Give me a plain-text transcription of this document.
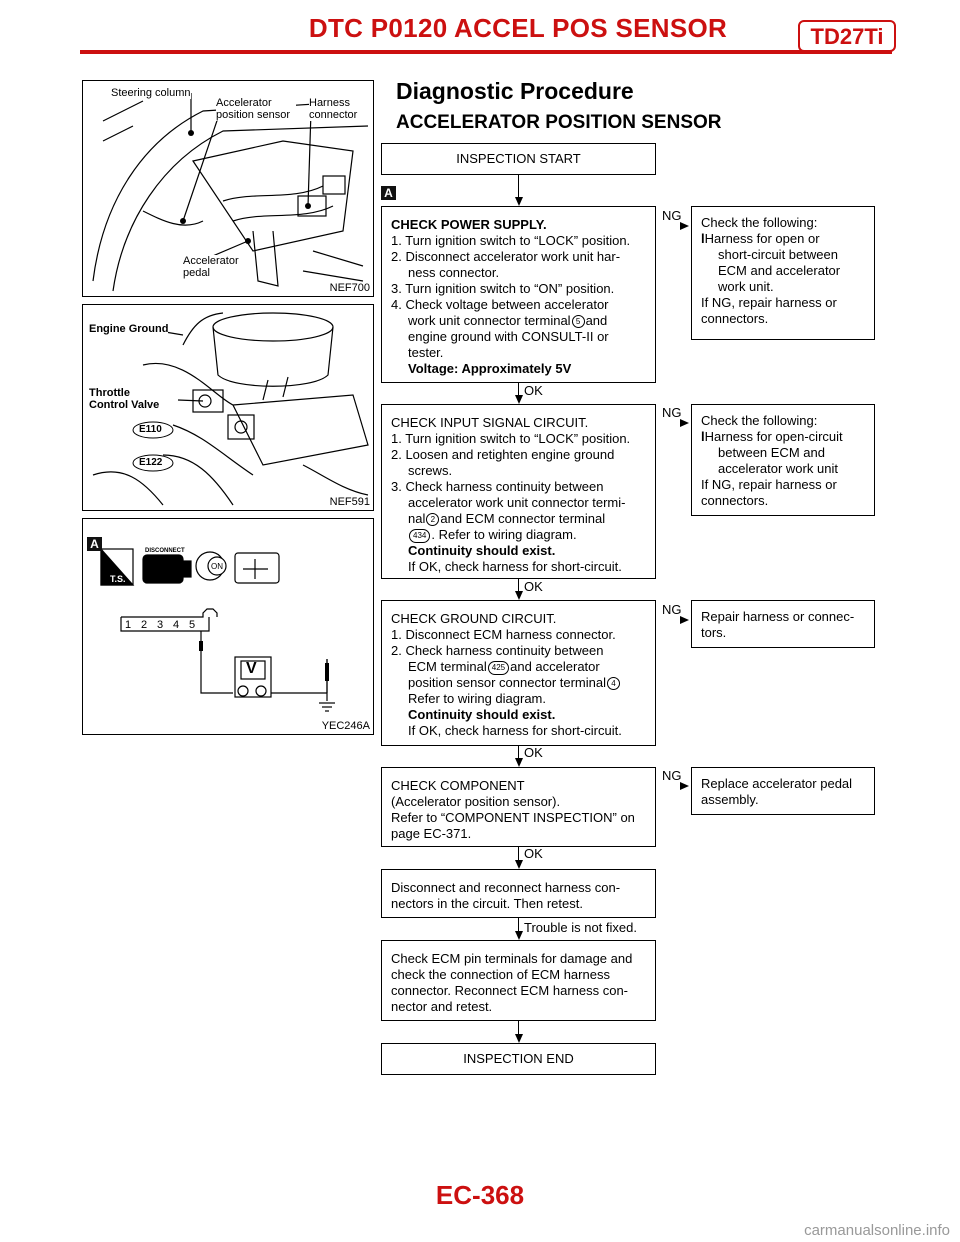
DTC P0120 ACCEL POS SENSOR	TD27Ti
Steering column
Accelerator position sensor
Harness connector
Accelerator pedal
NEF700
Engine Ground
Throttle Control Valve
E110
E122
NEF591
A
T.S.
DISCONNECT
ON
1 2 3 4 5
V
YEC246A
Diagnostic Procedure
ACCELERATOR POSITION SENSOR
INSPECTION START
A
CHECK POWER SUPPLY.
1. Turn ignition switch to “LOCK” position.
2. Disconnect accelerator work unit har-
ness connector.
3. Turn ignition switch to “ON” position.
4. Check voltage between accelerator
work unit connector terminal 5 and
engine ground with CONSULT-II or
tester.
Voltage: Approximately 5V
NG Check the following:
lHarness for open or
short-circuit between
ECM and accelerator
work unit.
If NG, repair harness or
connectors.
OK
CHECK INPUT SIGNAL CIRCUIT.
1. Turn ignition switch to “LOCK” position.
2. Loosen and retighten engine ground
screws.
3. Check harness continuity between
accelerator work unit connector termi-
nal 2 and ECM connector terminal
434 . Refer to wiring diagram.
Continuity should exist.
If OK, check harness for short-circuit.
NG
Check the following:
lHarness for open-circuit
between ECM and
accelerator work unit
If NG, repair harness or
connectors.
OK
CHECK GROUND CIRCUIT.
1. Disconnect ECM harness connector.
2. Check harness continuity between
ECM terminal 425 and accelerator
position sensor connector terminal 4
Refer to wiring diagram.
Continuity should exist.
If OK, check harness for short-circuit.
NG Repair harness or connec-
tors.
OK
CHECK COMPONENT
(Accelerator position sensor).
Refer to “COMPONENT INSPECTION” on
page EC-371.
NG
Replace accelerator pedal
assembly.
OK
Disconnect and reconnect harness con-
nectors in the circuit. Then retest.
Trouble is not fixed.
Check ECM pin terminals for damage and
check the connection of ECM harness
connector. Reconnect ECM harness con-
nector and retest.
INSPECTION END
EC-368
carmanualsonline.info
